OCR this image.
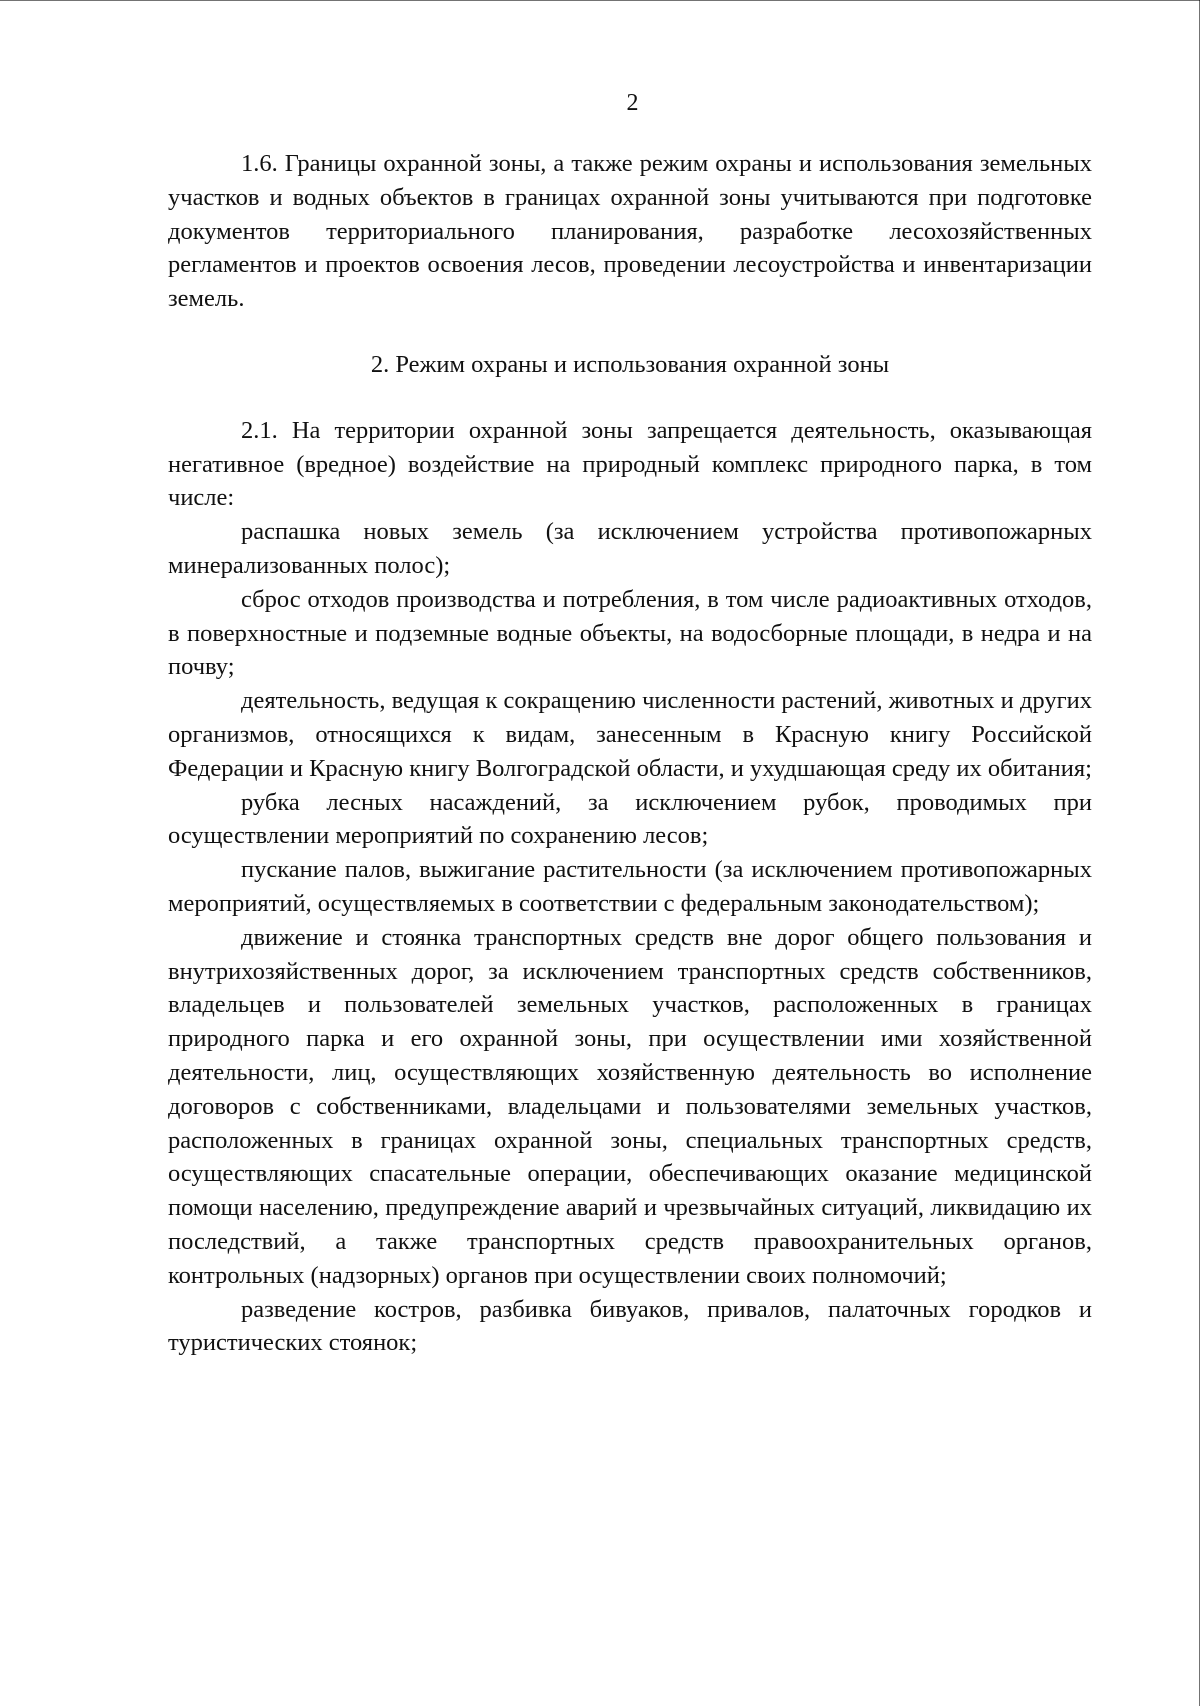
2

1.6. Границы охранной зоны, а также режим охраны и использования земельных участков и водных объектов в границах охранной зоны учитываются при подготовке документов территориального планирования, разработке лесохозяйственных регламентов и проектов освоения лесов, проведении лесоустройства и инвентаризации земель.

2. Режим охраны и использования охранной зоны

2.1. На территории охранной зоны запрещается деятельность, оказывающая негативное (вредное) воздействие на природный комплекс природного парка, в том числе:

распашка новых земель (за исключением устройства противопожарных минерализованных полос);

сброс отходов производства и потребления, в том числе радиоактивных отходов, в поверхностные и подземные водные объекты, на водосборные площади, в недра и на почву;

деятельность, ведущая к сокращению численности растений, животных и других организмов, относящихся к видам, занесенным в Красную книгу Российской Федерации и Красную книгу Волгоградской области, и ухудшающая среду их обитания;

рубка лесных насаждений, за исключением рубок, проводимых при осуществлении мероприятий по сохранению лесов;

пускание палов, выжигание растительности (за исключением противопожарных мероприятий, осуществляемых в соответствии с федеральным законодательством);

движение и стоянка транспортных средств вне дорог общего пользования и внутрихозяйственных дорог, за исключением транспортных средств собственников, владельцев и пользователей земельных участков, расположенных в границах природного парка и его охранной зоны, при осуществлении ими хозяйственной деятельности, лиц, осуществляющих хозяйственную деятельность во исполнение договоров с собственниками, владельцами и пользователями земельных участков, расположенных в границах охранной зоны, специальных транспортных средств, осуществляющих спасательные операции, обеспечивающих оказание медицинской помощи населению, предупреждение аварий и чрезвычайных ситуаций, ликвидацию их последствий, а также транспортных средств правоохранительных органов, контрольных (надзорных) органов при осуществлении своих полномочий;

разведение костров, разбивка бивуаков, привалов, палаточных городков и туристических стоянок;
